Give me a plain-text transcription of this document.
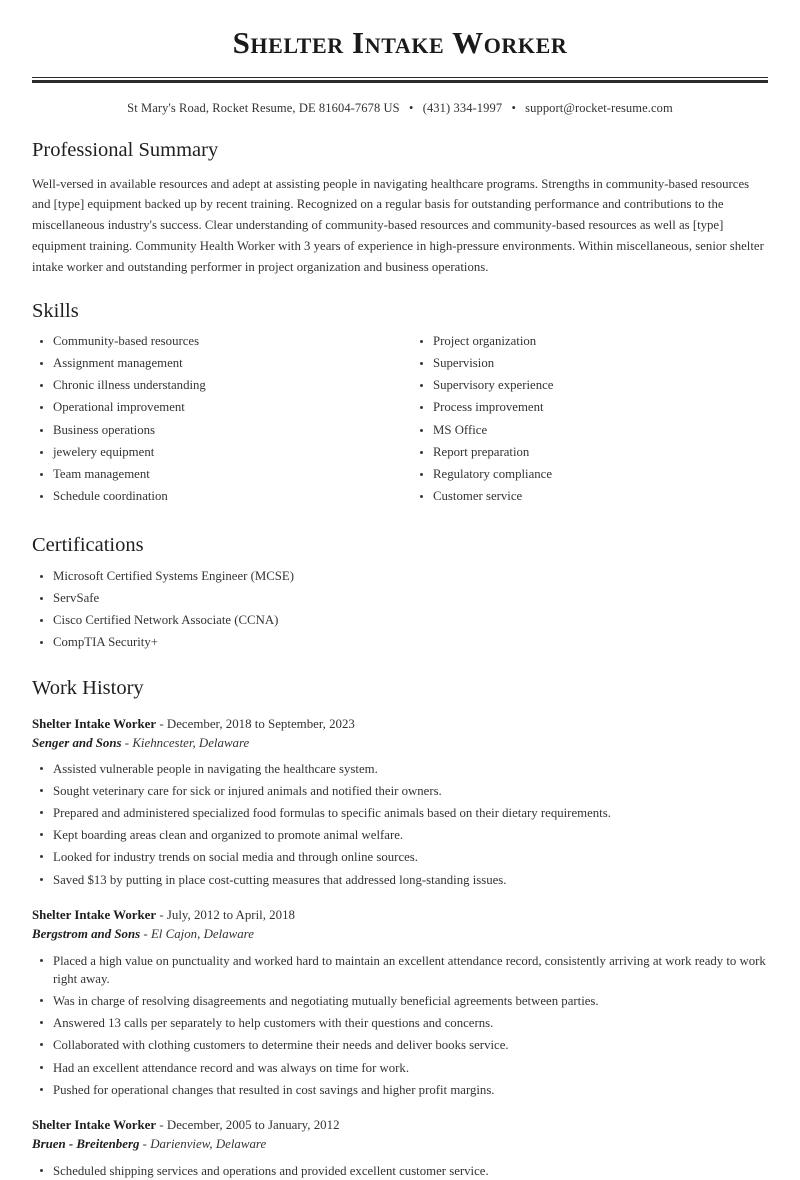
Shelter Intake Worker
St Mary's Road, Rocket Resume, DE 81604-7678 US • (431) 334-1997 • support@rocket-resume.com
Professional Summary

Well-versed in available resources and adept at assisting people in navigating healthcare programs. Strengths in community-based resources and [type] equipment backed up by recent training. Recognized on a regular basis for outstanding performance and contributions to the miscellaneous industry's success. Clear understanding of community-based resources and community-based resources as well as [type] equipment training. Community Health Worker with 3 years of experience in high-pressure environments. Within miscellaneous, senior shelter intake worker and outstanding performer in project organization and business operations.

Skills
Community-based resources
Assignment management
Chronic illness understanding
Operational improvement
Business operations
jewelery equipment
Team management
Schedule coordination
Project organization
Supervision
Supervisory experience
Process improvement
MS Office
Report preparation
Regulatory compliance
Customer service
Certifications
Microsoft Certified Systems Engineer (MCSE)
ServSafe
Cisco Certified Network Associate (CCNA)
CompTIA Security+
Work History
Shelter Intake Worker - December, 2018 to September, 2023
Senger and Sons - Kiehncester, Delaware
Assisted vulnerable people in navigating the healthcare system.
Sought veterinary care for sick or injured animals and notified their owners.
Prepared and administered specialized food formulas to specific animals based on their dietary requirements.
Kept boarding areas clean and organized to promote animal welfare.
Looked for industry trends on social media and through online sources.
Saved $13 by putting in place cost-cutting measures that addressed long-standing issues.
Shelter Intake Worker - July, 2012 to April, 2018
Bergstrom and Sons - El Cajon, Delaware
Placed a high value on punctuality and worked hard to maintain an excellent attendance record, consistently arriving at work ready to work right away.
Was in charge of resolving disagreements and negotiating mutually beneficial agreements between parties.
Answered 13 calls per separately to help customers with their questions and concerns.
Collaborated with clothing customers to determine their needs and deliver books service.
Had an excellent attendance record and was always on time for work.
Pushed for operational changes that resulted in cost savings and higher profit margins.
Shelter Intake Worker - December, 2005 to January, 2012
Bruen - Breitenberg - Darienview, Delaware
Scheduled shipping services and operations and provided excellent customer service.
